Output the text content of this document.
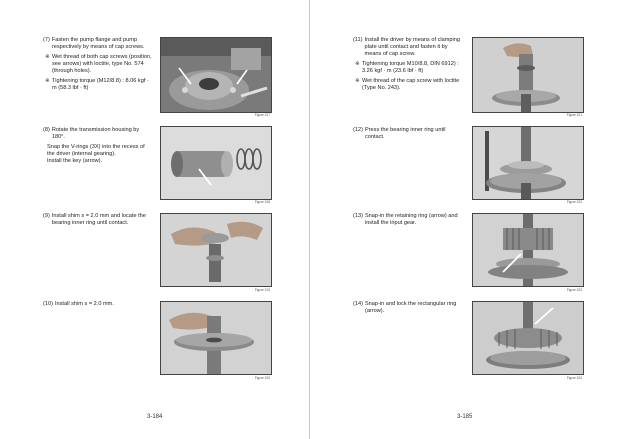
(7) Fasten the pump flange and pump respectively by means of cap screws.

※ Wet thread of both cap screws (position, see arrows) with loctite, type No. 574 (through holes).

※ Tightening torque (M12/8.8) : 8.06 kgf · m (58.3 lbf · ft)

Figure 317
(8) Rotate the transmission housing by 180°.

Snap the V-rings (3X) into the recess of the driver (internal gearing).

Install the key (arrow).

Figure 318
(9) Install shim s = 2.0 mm and locate the bearing inner ring until contact.

Figure 319
(10) Install shim s = 2.0 mm.

Figure 320
3-184
(11) Install the driver by means of clamping plate until contact and fasten it by means of cap screw.

※ Tightening torque M10/8.8, DIN 6912) : 3.26 kgf · m (23.6 lbf · ft)

※ Wet thread of the cap screw with loctite (Type No. 243).

Figure 321
(12) Press the bearing inner ring until contact.

Figure 322
(13) Snap-in the retaining ring (arrow) and install the input gear.

Figure 323
(14) Snap-in and lock the rectangular ring (arrow).

Figure 324
3-185
